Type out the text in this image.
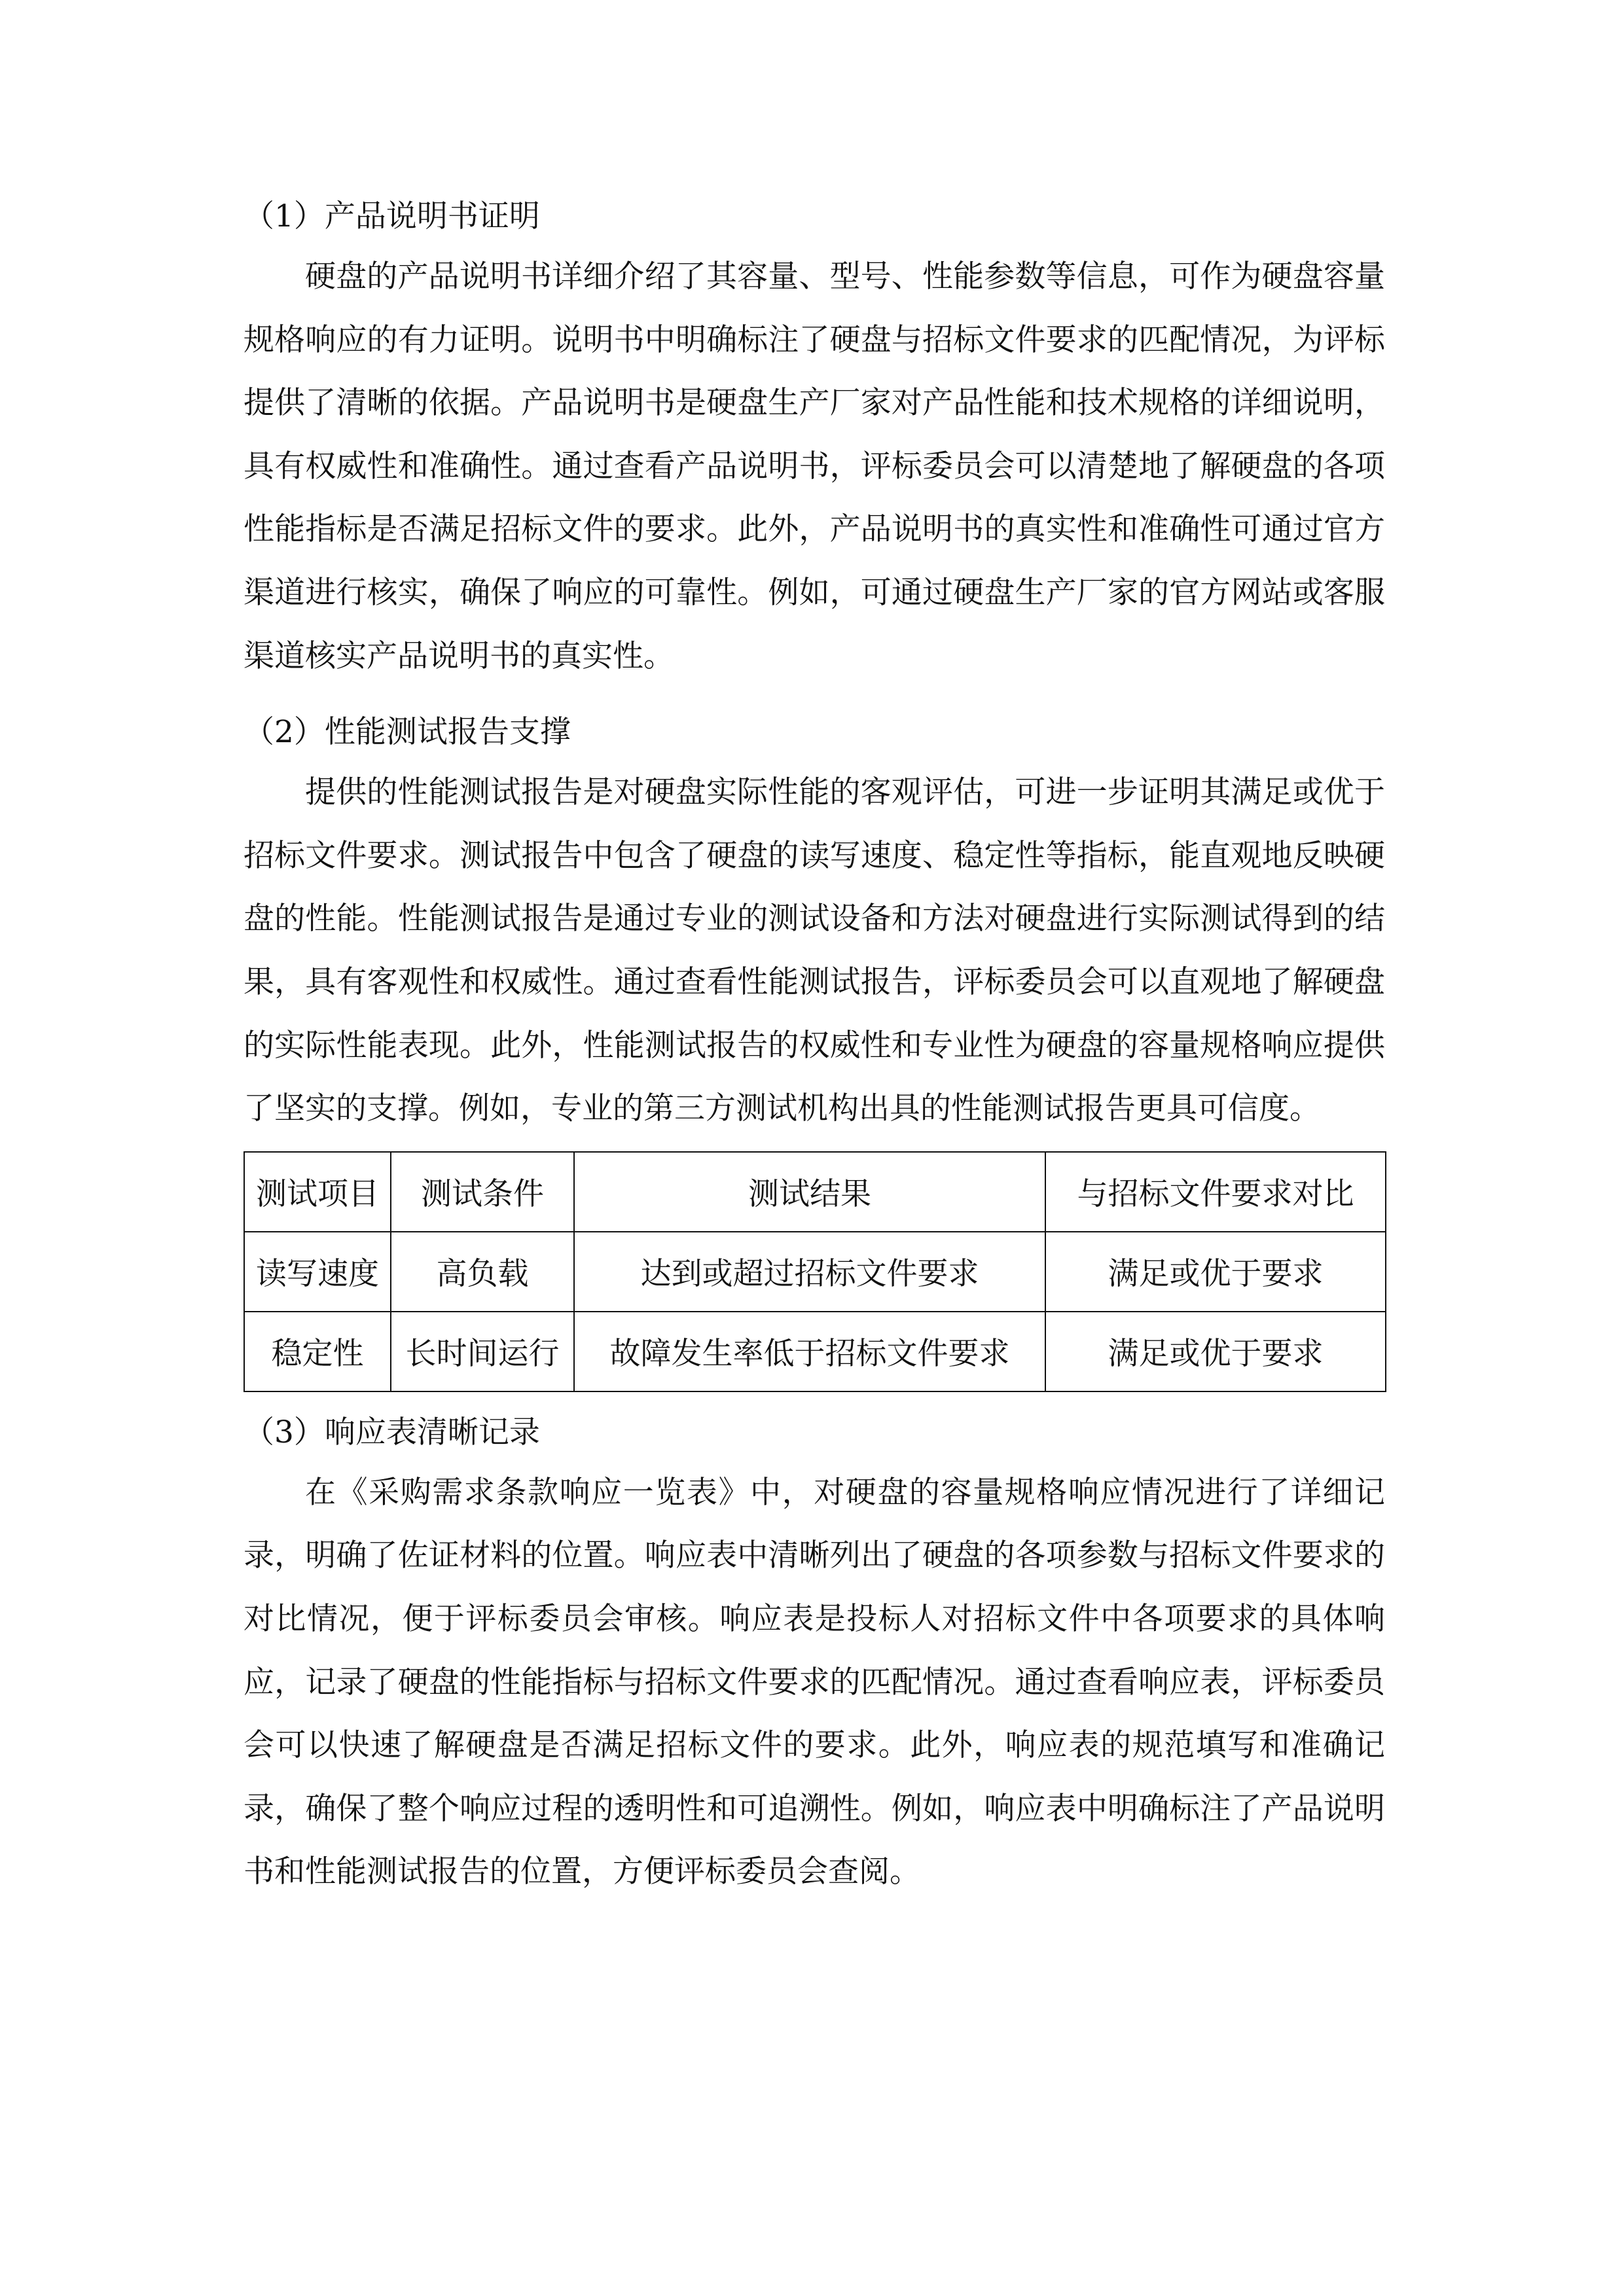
（1）产品说明书证明

硬盘的产品说明书详细介绍了其容量、型号、性能参数等信息，可作为硬盘容量规格响应的有力证明。说明书中明确标注了硬盘与招标文件要求的匹配情况，为评标提供了清晰的依据。产品说明书是硬盘生产厂家对产品性能和技术规格的详细说明，具有权威性和准确性。通过查看产品说明书，评标委员会可以清楚地了解硬盘的各项性能指标是否满足招标文件的要求。此外，产品说明书的真实性和准确性可通过官方渠道进行核实，确保了响应的可靠性。例如，可通过硬盘生产厂家的官方网站或客服渠道核实产品说明书的真实性。

（2）性能测试报告支撑

提供的性能测试报告是对硬盘实际性能的客观评估，可进一步证明其满足或优于招标文件要求。测试报告中包含了硬盘的读写速度、稳定性等指标，能直观地反映硬盘的性能。性能测试报告是通过专业的测试设备和方法对硬盘进行实际测试得到的结果，具有客观性和权威性。通过查看性能测试报告，评标委员会可以直观地了解硬盘的实际性能表现。此外，性能测试报告的权威性和专业性为硬盘的容量规格响应提供了坚实的支撑。例如，专业的第三方测试机构出具的性能测试报告更具可信度。

测试项目	测试条件	测试结果	与招标文件要求对比
读写速度	高负载	达到或超过招标文件要求	满足或优于要求
稳定性	长时间运行	故障发生率低于招标文件要求	满足或优于要求

（3）响应表清晰记录

在《采购需求条款响应一览表》中，对硬盘的容量规格响应情况进行了详细记录，明确了佐证材料的位置。响应表中清晰列出了硬盘的各项参数与招标文件要求的对比情况，便于评标委员会审核。响应表是投标人对招标文件中各项要求的具体响应，记录了硬盘的性能指标与招标文件要求的匹配情况。通过查看响应表，评标委员会可以快速了解硬盘是否满足招标文件的要求。此外，响应表的规范填写和准确记录，确保了整个响应过程的透明性和可追溯性。例如，响应表中明确标注了产品说明书和性能测试报告的位置，方便评标委员会查阅。
